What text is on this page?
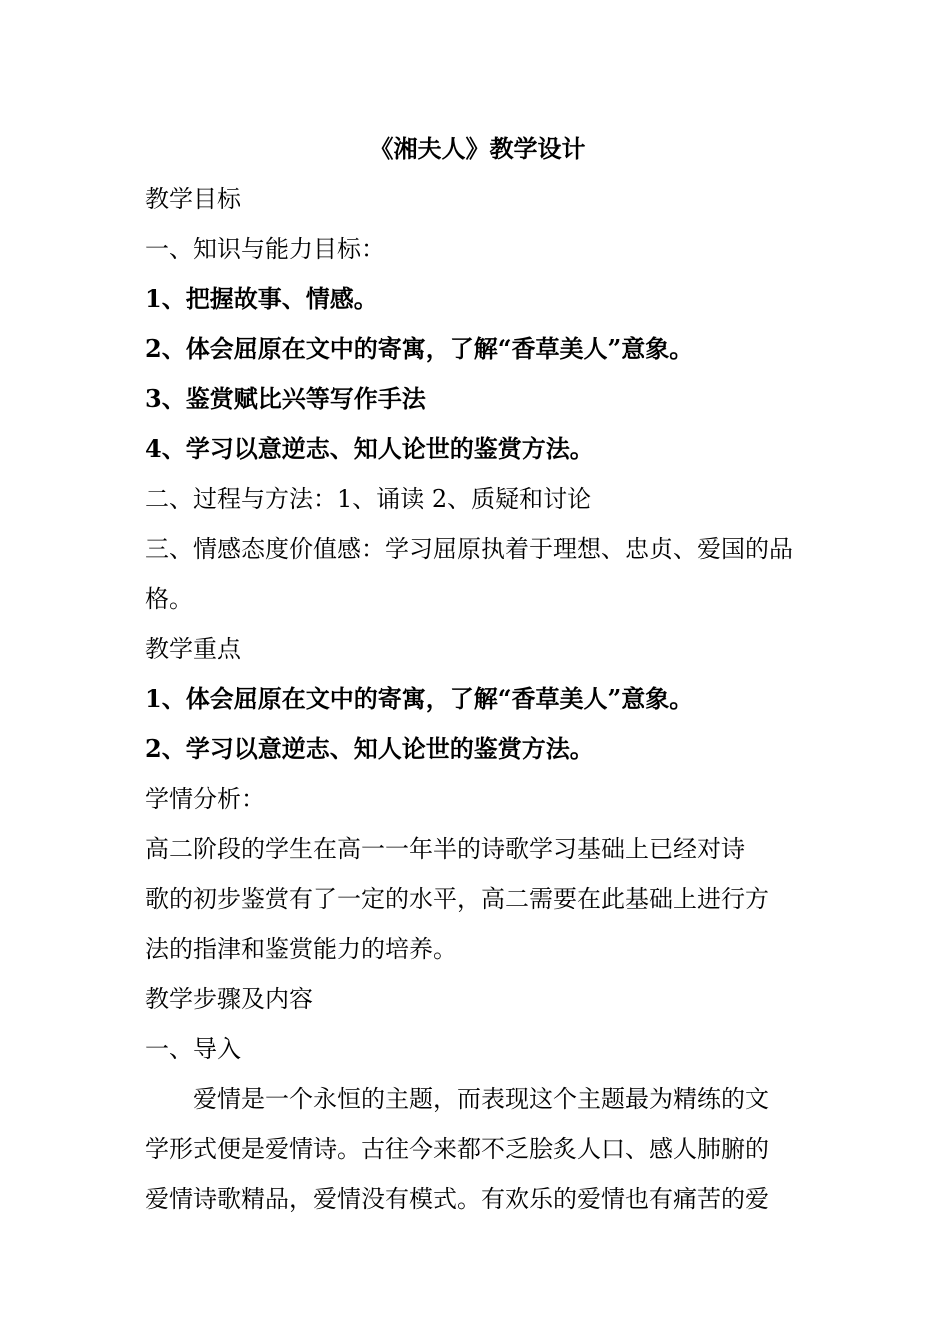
《湘夫人》教学设计
教学目标
一、知识与能力目标：
1、把握故事、情感。
2、体会屈原在文中的寄寓，了解“香草美人”意象。
3、鉴赏赋比兴等写作手法
4、学习以意逆志、知人论世的鉴赏方法。
二、过程与方法：1、诵读 2、质疑和讨论
三、情感态度价值感：学习屈原执着于理想、忠贞、爱国的品
格。
教学重点
1、体会屈原在文中的寄寓，了解“香草美人”意象。
2、学习以意逆志、知人论世的鉴赏方法。
学情分析：
高二阶段的学生在高一一年半的诗歌学习基础上已经对诗
歌的初步鉴赏有了一定的水平，高二需要在此基础上进行方
法的指津和鉴赏能力的培养。
教学步骤及内容
一、导入
爱情是一个永恒的主题，而表现这个主题最为精练的文
学形式便是爱情诗。古往今来都不乏脍炙人口、感人肺腑的
爱情诗歌精品，爱情没有模式。有欢乐的爱情也有痛苦的爱
